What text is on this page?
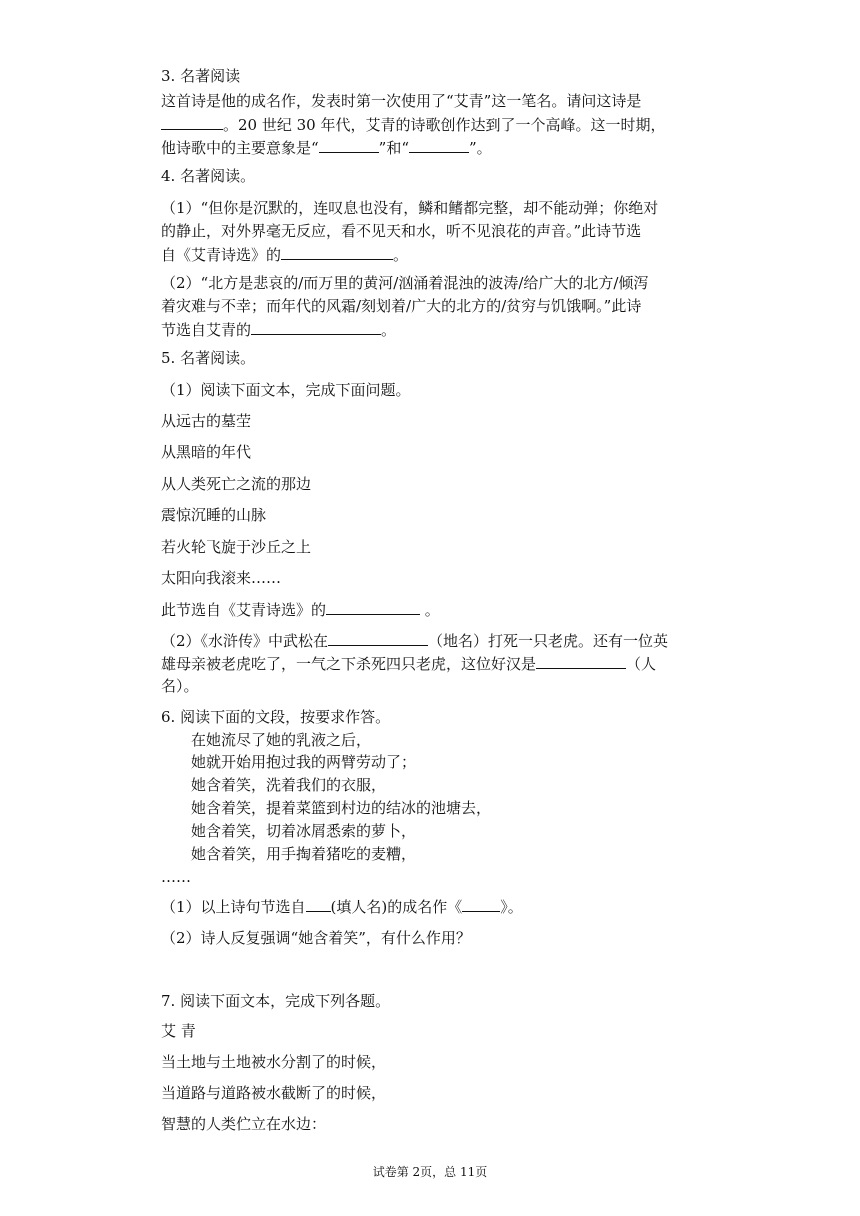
3. 名著阅读
这首诗是他的成名作，发表时第一次使用了“艾青”这一笔名。请问这诗是
。20 世纪 30 年代，艾青的诗歌创作达到了一个高峰。这一时期，
他诗歌中的主要意象是“	”和“	”。
4. 名著阅读。
（1）“但你是沉默的，连叹息也没有，鳞和鳍都完整，却不能动弹；你绝对
的静止，对外界毫无反应，看不见天和水，听不见浪花的声音。”此诗节选
自《艾青诗选》的	。
（2）“北方是悲哀的/而万里的黄河/汹涌着混浊的波涛/给广大的北方/倾泻
着灾难与不幸；而年代的风霜/刻划着/广大的北方的/贫穷与饥饿啊。”此诗
节选自艾青的	。
5. 名著阅读。
（1）阅读下面文本，完成下面问题。
从远古的墓茔
从黑暗的年代
从人类死亡之流的那边
震惊沉睡的山脉
若火轮飞旋于沙丘之上
太阳向我滚来……
此节选自《艾青诗选》的	。
（2）《水浒传》中武松在	（地名）打死一只老虎。还有一位英
雄母亲被老虎吃了，一气之下杀死四只老虎，这位好汉是	（人
名）。
6. 阅读下面的文段，按要求作答。
在她流尽了她的乳液之后，
她就开始用抱过我的两臂劳动了；
她含着笑，洗着我们的衣服，
她含着笑，提着菜篮到村边的结冰的池塘去，
她含着笑，切着冰屑悉索的萝卜，
她含着笑，用手掏着猪吃的麦糟，
……
（1）以上诗句节选自 (填人名)的成名作《	》。
（2）诗人反复强调“她含着笑”，有什么作用？
7. 阅读下面文本，完成下列各题。
艾 青
当土地与土地被水分割了的时候，
当道路与道路被水截断了的时候，
智慧的人类伫立在水边：
试卷第 2页，总 11页
